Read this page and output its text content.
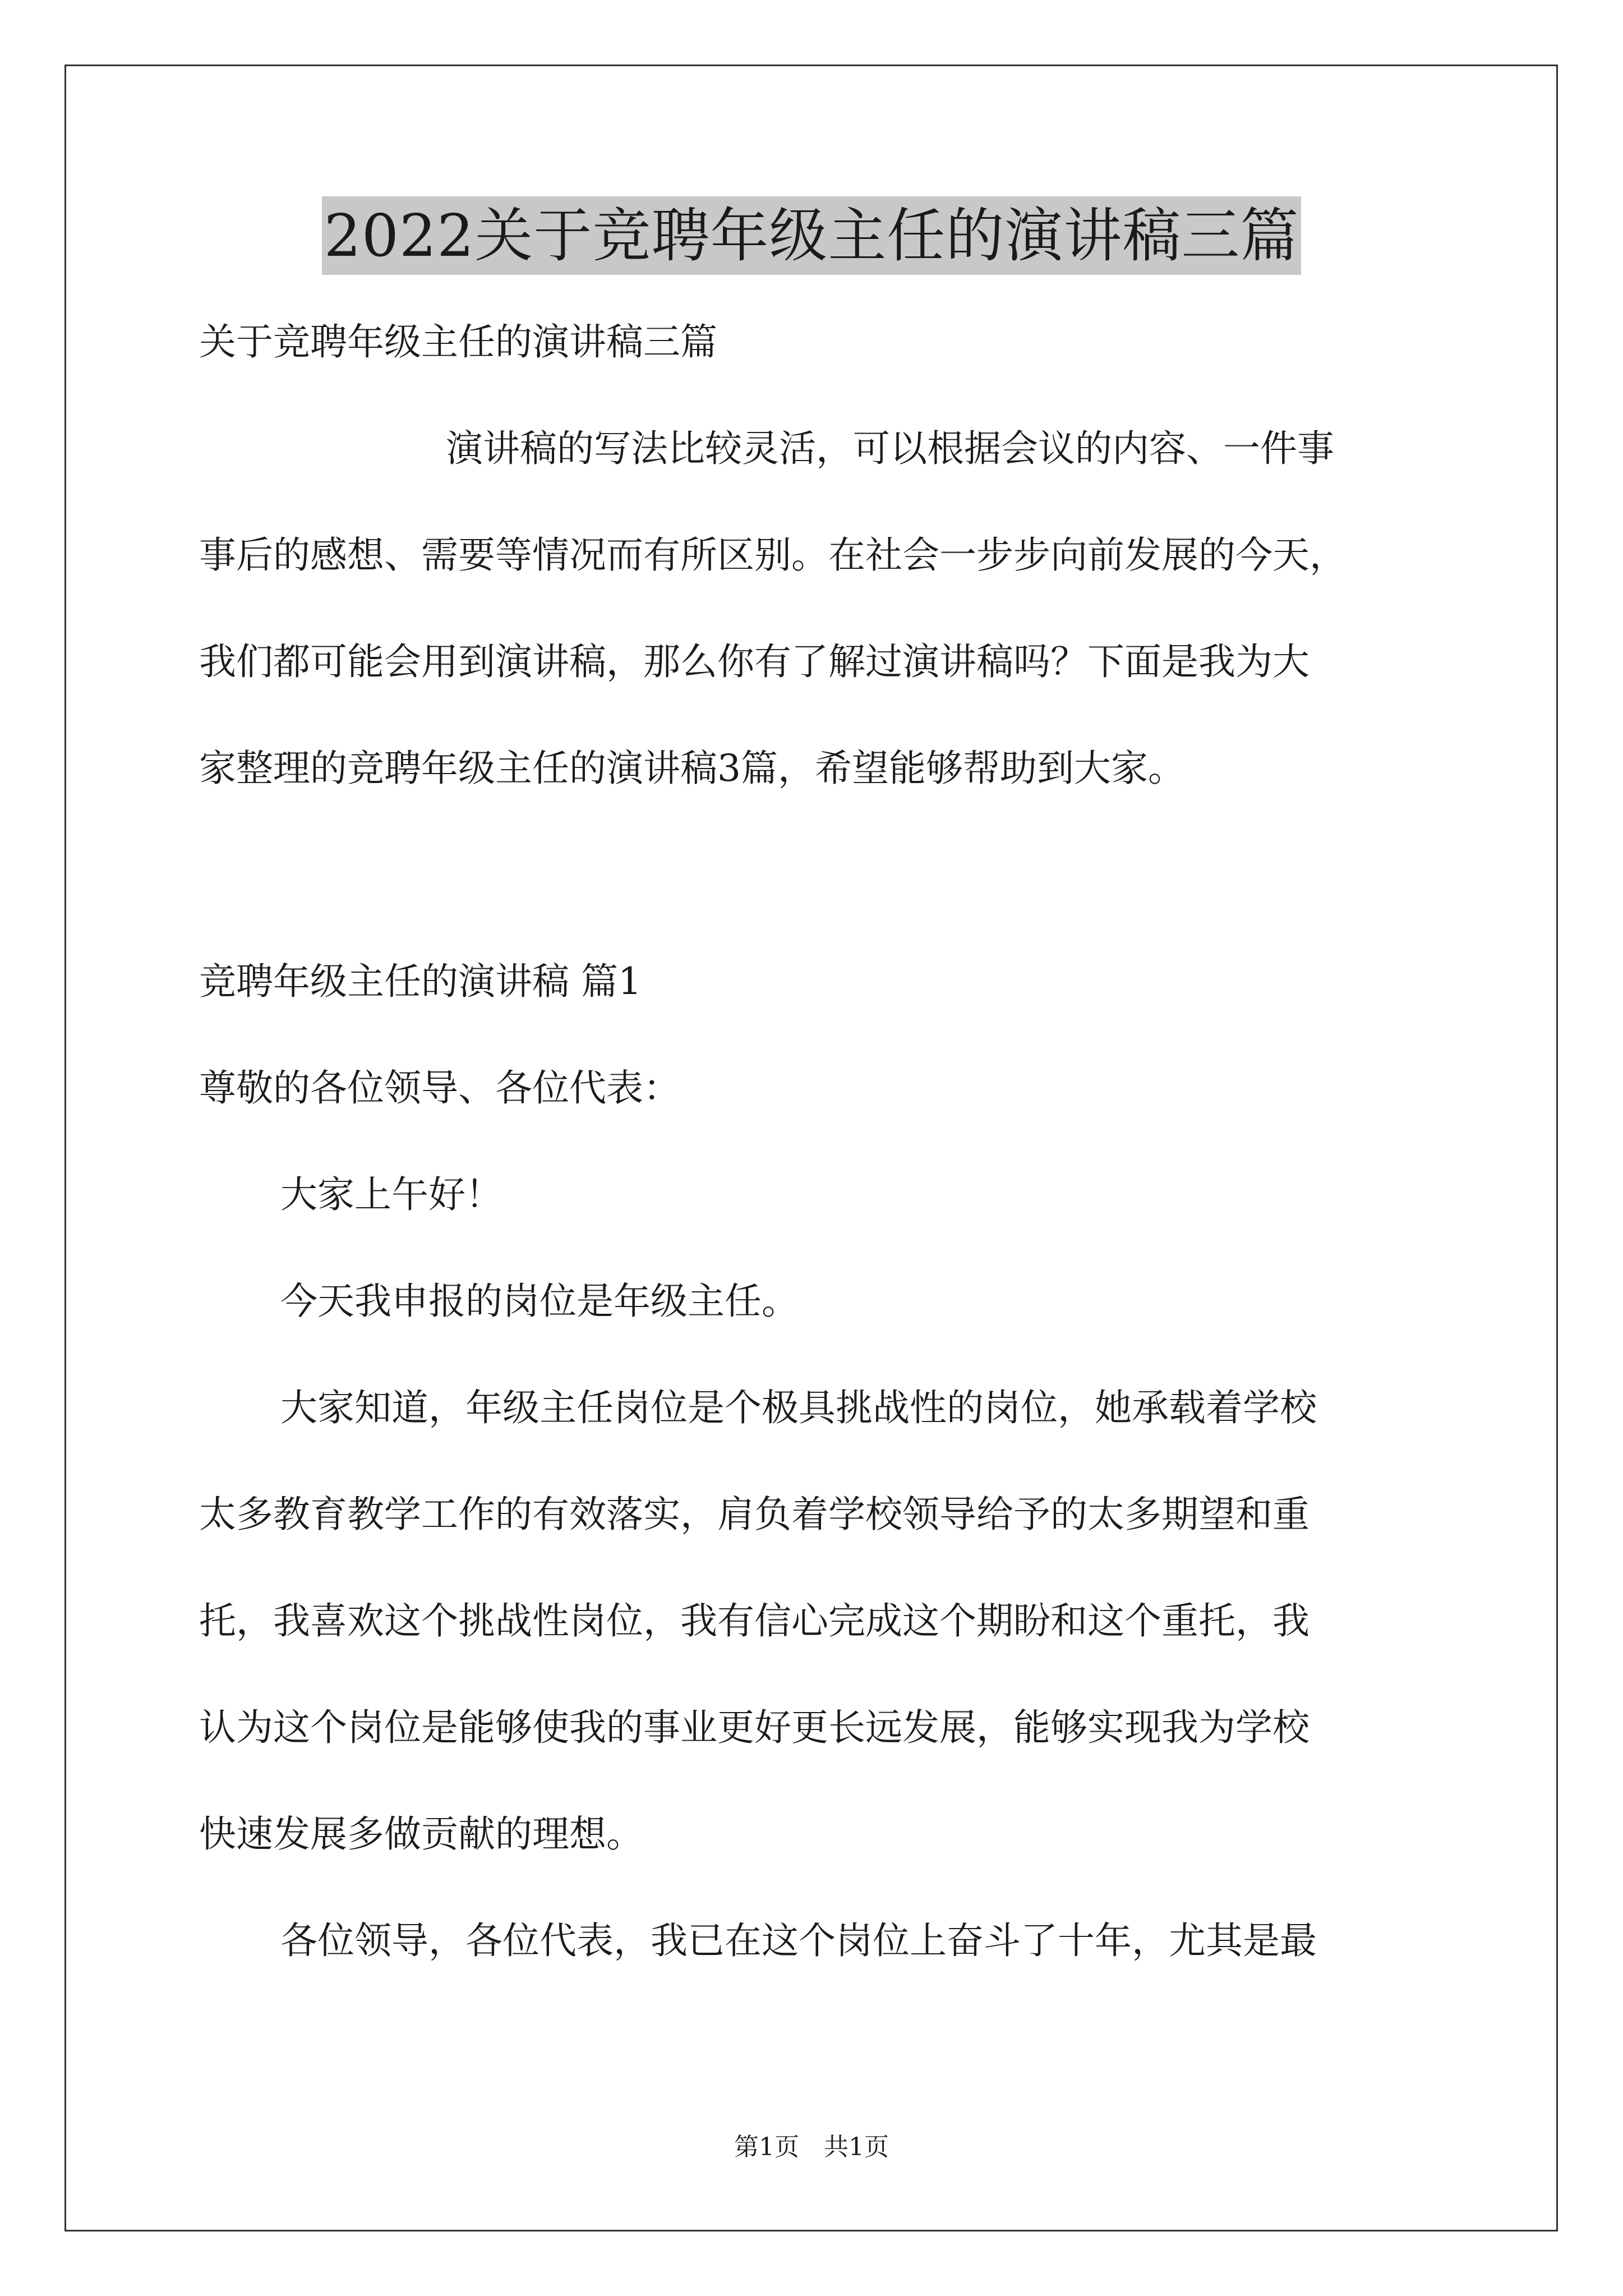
2022关于竞聘年级主任的演讲稿三篇
关于竞聘年级主任的演讲稿三篇
演讲稿的写法比较灵活，可以根据会议的内容、一件事
事后的感想、需要等情况而有所区别。在社会一步步向前发展的今天，
我们都可能会用到演讲稿，那么你有了解过演讲稿吗？下面是我为大
家整理的竞聘年级主任的演讲稿3篇，希望能够帮助到大家。
竞聘年级主任的演讲稿 篇1
尊敬的各位领导、各位代表：
大家上午好！
今天我申报的岗位是年级主任。
大家知道，年级主任岗位是个极具挑战性的岗位，她承载着学校
太多教育教学工作的有效落实，肩负着学校领导给予的太多期望和重
托，我喜欢这个挑战性岗位，我有信心完成这个期盼和这个重托，我
认为这个岗位是能够使我的事业更好更长远发展，能够实现我为学校
快速发展多做贡献的理想。
各位领导，各位代表，我已在这个岗位上奋斗了十年，尤其是最
第1页　共1页
